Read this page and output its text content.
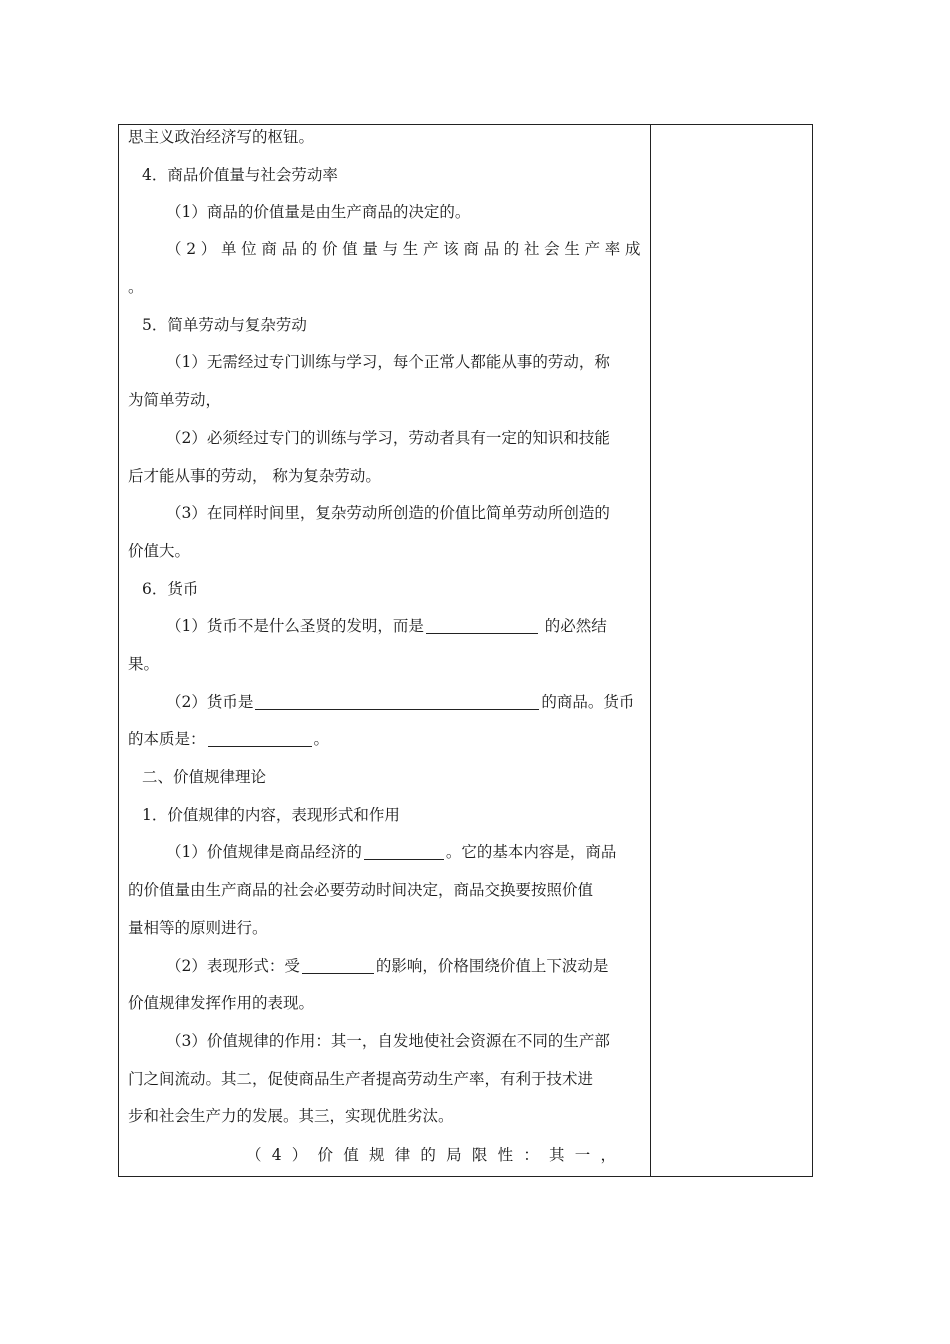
思主义政治经济写的枢钮。
4．商品价值量与社会劳动率
（1）商品的价值量是由生产商品的决定的。
（2）单位商品的价值量与生产该商品的社会生产率成
。
5．简单劳动与复杂劳动
（1）无需经过专门训练与学习，每个正常人都能从事的劳动，称
为简单劳动，
（2）必须经过专门的训练与学习，劳动者具有一定的知识和技能
后才能从事的劳动， 称为复杂劳动。
（3）在同样时间里，复杂劳动所创造的价值比简单劳动所创造的
价值大。
6．货币
（1）货币不是什么圣贤的发明，而是	的必然结
果。
（2）货币是	的商品。货币
的本质是：	。
二、价值规律理论
1．价值规律的内容，表现形式和作用
（1）价值规律是商品经济的	。它的基本内容是，商品
的价值量由生产商品的社会必要劳动时间决定，商品交换要按照价值
量相等的原则进行。
（2）表现形式：受	的影响，价格围绕价值上下波动是
价值规律发挥作用的表现。
（3）价值规律的作用：其一，自发地使社会资源在不同的生产部
门之间流动。其二，促使商品生产者提高劳动生产率，有利于技术进
步和社会生产力的发展。其三，实现优胜劣汰。
（4）价值规律的局限性：其一，
